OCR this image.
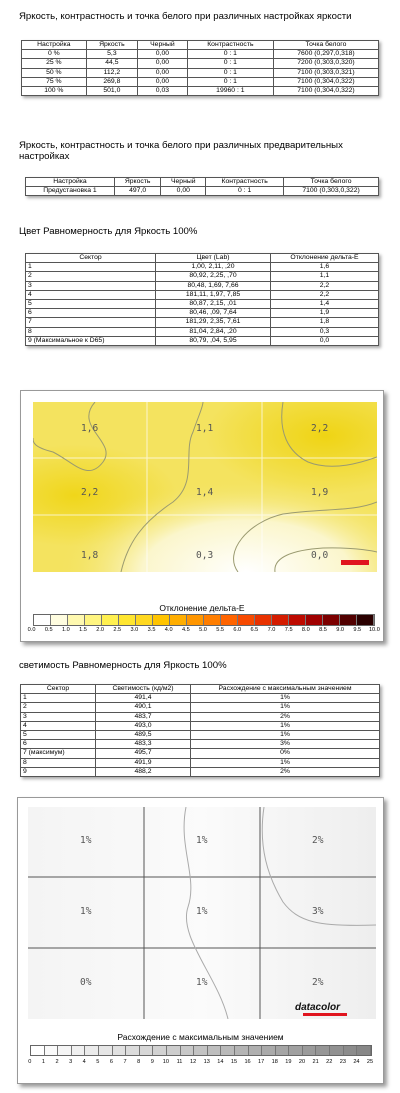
Яркость, контрастность и точка белого при различных настройках яркости
Настройка	Яркость	Черный	Контрастность	Точка белого
0 %	5,3	0,00	0 : 1	7600 (0,297,0,318)
25 %	44,5	0,00	0 : 1	7200 (0,303,0,320)
50 %	112,2	0,00	0 : 1	7100 (0,303,0,321)
75 %	269,8	0,00	0 : 1	7100 (0,304,0,322)
100 %	501,0	0,03	19960 : 1	7100 (0,304,0,322)
Яркость, контрастность и точка белого при различных предварительных настройках
Настройка	Яркость	Черный	Контрастность	Точка белого
Предустановка 1	497,0	0,00	0 : 1	7100 (0,303,0,322)
Цвет Равномерность для Яркость 100%
Сектор	Цвет (Lab)	Отклонение дельта-E
1	1,00, 2,11, ,20	1,6
2	80,92, 2,25, ,70	1,1
3	80,48, 1,69, 7,66	2,2
4	181,11, 1,97, 7,85	2,2
5	80,87, 2,15, ,01	1,4
6	80,46, ,09, 7,64	1,9
7	181,29, 2,35, 7,61	1,8
8	81,04, 2,84, ,20	0,3
9 (Максимальное к D65)	80,79, ,04, 5,95	0,0
1,6	1,1	2,2
2,2	1,4	1,9
1,8	0,3	0,0
Отклонение дельта-E
0.0	0.5	1.0	1.5	2.0	2.5	3.0	3.5	4.0	4.5	5.0	5.5	6.0	6.5	7.0	7.5	8.0	8.5	9.0	9.5	10.0
светимость Равномерность для Яркость 100%
Сектор	Светимость (кд/м2)	Расхождение с максимальным значением
1	491,4	1%
2	490,1	1%
3	483,7	2%
4	493,0	1%
5	489,5	1%
6	483,3	3%
7 (максимум)	495,7	0%
8	491,9	1%
9	488,2	2%
1%	1%	2%
1%	1%	3%
0%	1%	2%
datacolor
Расхождение с максимальным значением
0	1	2	3	4	5	6	7	8	9	10	11	12	13	14	15	16	17	18	19	20	21	22	23	24	25
